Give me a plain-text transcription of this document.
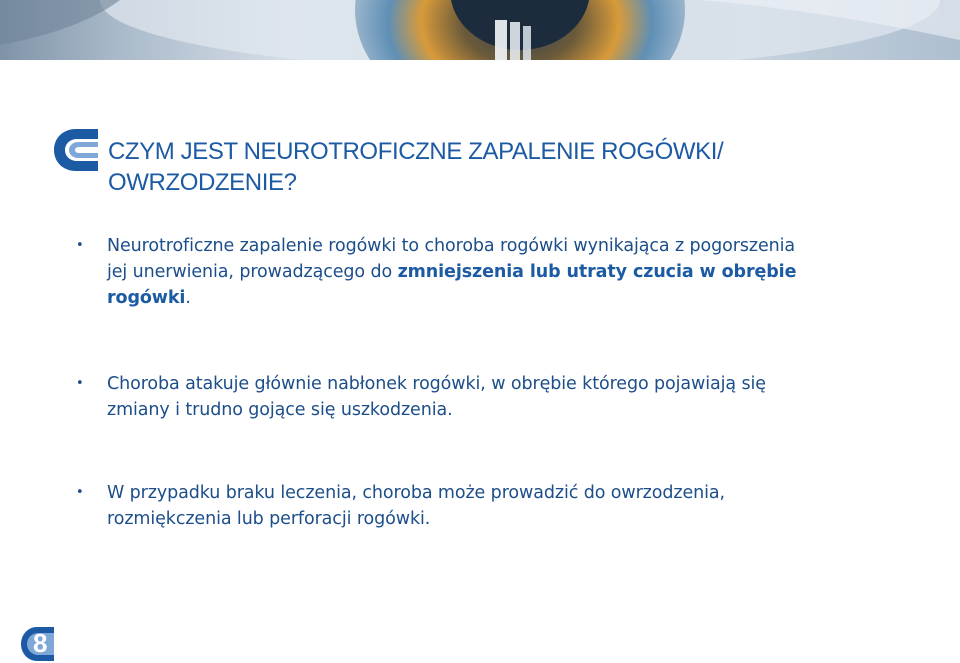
CZYM JEST NEUROTROFICZNE ZAPALENIE ROGÓWKI/
OWRZODZENIE?
• Neurotroficzne zapalenie rogówki to choroba rogówki wynikająca z pogorszenia jej unerwienia, prowadzącego do zmniejszenia lub utraty czucia w obrębie rogówki.
• Choroba atakuje głównie nabłonek rogówki, w obrębie którego pojawiają się zmiany i trudno gojące się uszkodzenia.
• W przypadku braku leczenia, choroba może prowadzić do owrzodzenia, rozmiękczenia lub perforacji rogówki.
8
